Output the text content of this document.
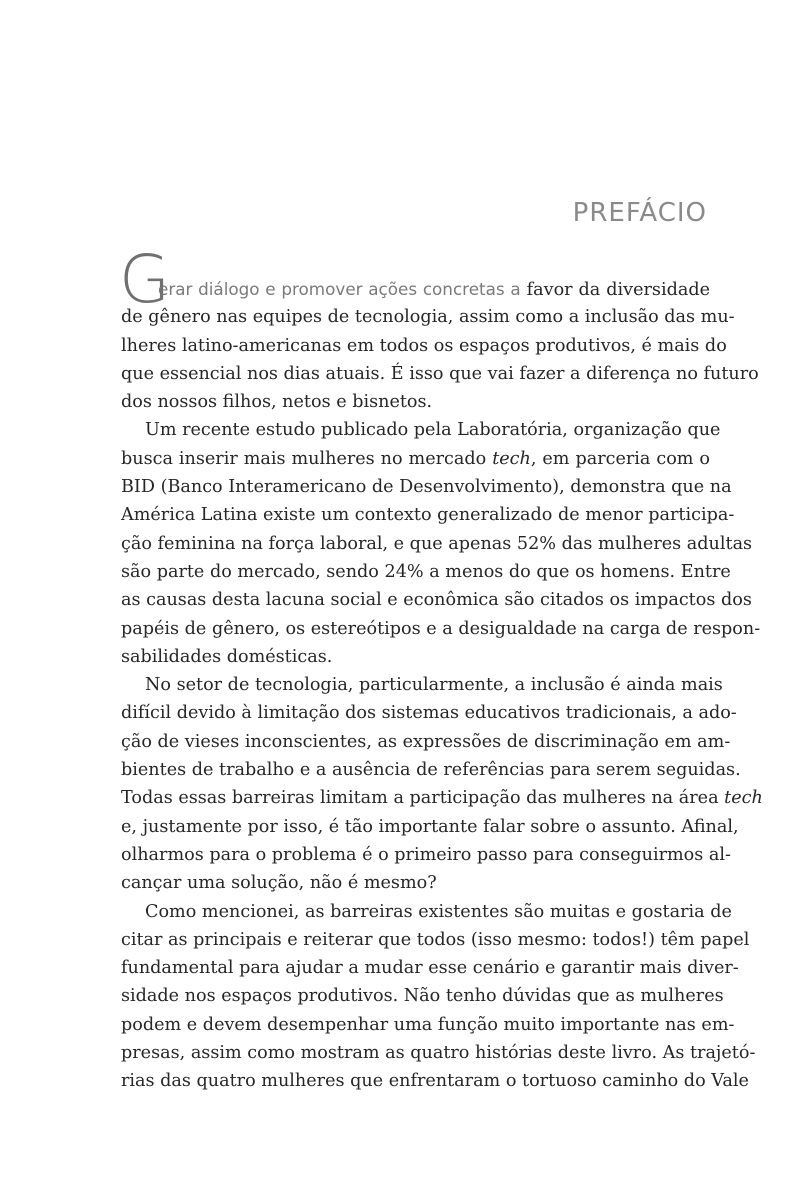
PREFÁCIO
G
erar diálogo e promover ações concretas a favor da diversidade
de gênero nas equipes de tecnologia, assim como a inclusão das mu-
lheres latino-americanas em todos os espaços produtivos, é mais do
que essencial nos dias atuais. É isso que vai fazer a diferença no futuro
dos nossos filhos, netos e bisnetos.
Um recente estudo publicado pela Laboratória, organização que
busca inserir mais mulheres no mercado tech, em parceria com o
BID (Banco Interamericano de Desenvolvimento), demonstra que na
América Latina existe um contexto generalizado de menor participa-
ção feminina na força laboral, e que apenas 52% das mulheres adultas
são parte do mercado, sendo 24% a menos do que os homens. Entre
as causas desta lacuna social e econômica são citados os impactos dos
papéis de gênero, os estereótipos e a desigualdade na carga de respon-
sabilidades domésticas.
No setor de tecnologia, particularmente, a inclusão é ainda mais
difícil devido à limitação dos sistemas educativos tradicionais, a ado-
ção de vieses inconscientes, as expressões de discriminação em am-
bientes de trabalho e a ausência de referências para serem seguidas.
Todas essas barreiras limitam a participação das mulheres na área tech
e, justamente por isso, é tão importante falar sobre o assunto. Afinal,
olharmos para o problema é o primeiro passo para conseguirmos al-
cançar uma solução, não é mesmo?
Como mencionei, as barreiras existentes são muitas e gostaria de
citar as principais e reiterar que todos (isso mesmo: todos!) têm papel
fundamental para ajudar a mudar esse cenário e garantir mais diver-
sidade nos espaços produtivos. Não tenho dúvidas que as mulheres
podem e devem desempenhar uma função muito importante nas em-
presas, assim como mostram as quatro histórias deste livro. As trajetó-
rias das quatro mulheres que enfrentaram o tortuoso caminho do Vale
